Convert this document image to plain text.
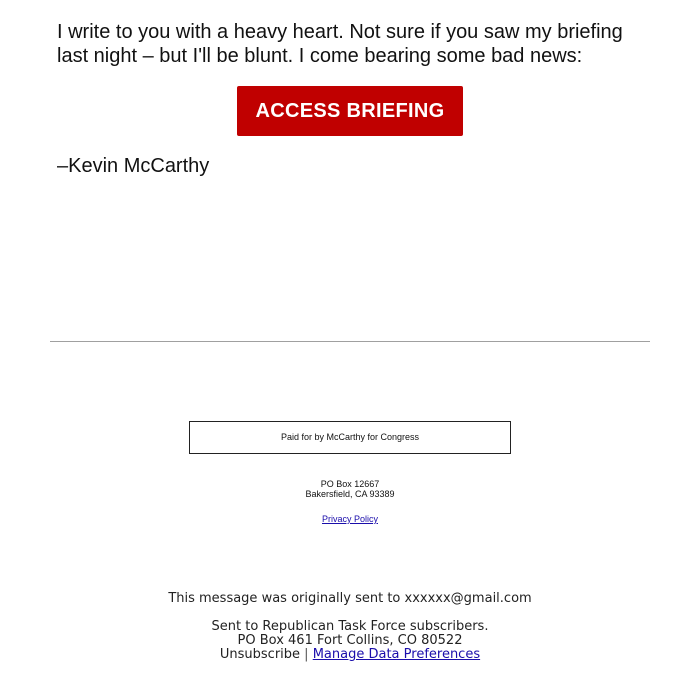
I write to you with a heavy heart. Not sure if you saw my briefing last night – but I'll be blunt. I come bearing some bad news:

ACCESS BRIEFING

–Kevin McCarthy

Paid for by McCarthy for Congress
PO Box 12667
Bakersfield, CA 93389
Privacy Policy
This message was originally sent to xxxxxx@gmail.com
Sent to Republican Task Force subscribers.
PO Box 461 Fort Collins, CO 80522
Unsubscribe | Manage Data Preferences
